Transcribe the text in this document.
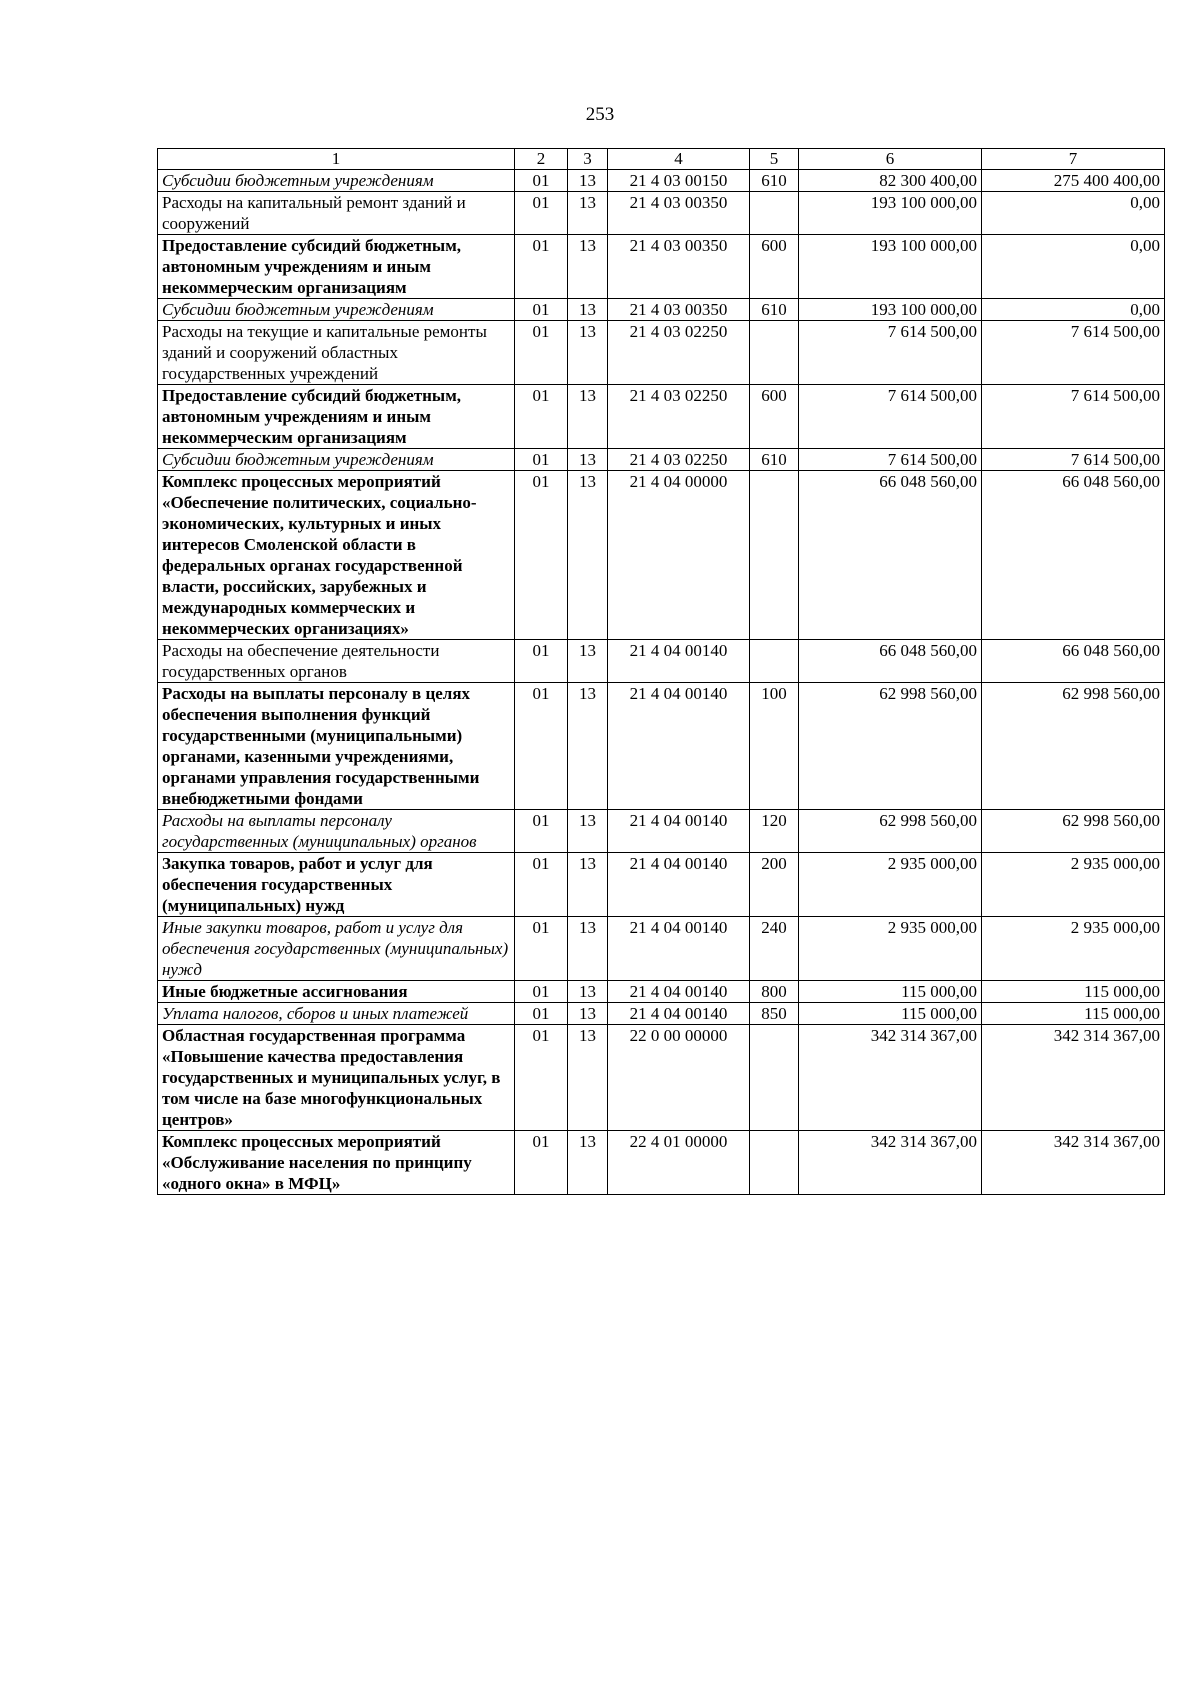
253
1	2	3	4	5	6	7
Субсидии бюджетным учреждениям	01	13	21 4 03 00150	610	82 300 400,00	275 400 400,00
Расходы на капитальный ремонт зданий и сооружений	01	13	21 4 03 00350		193 100 000,00	0,00
Предоставление субсидий бюджетным, автономным учреждениям и иным некоммерческим организациям	01	13	21 4 03 00350	600	193 100 000,00	0,00
Субсидии бюджетным учреждениям	01	13	21 4 03 00350	610	193 100 000,00	0,00
Расходы на текущие и капитальные ремонты зданий и сооружений областных государственных учреждений	01	13	21 4 03 02250		7 614 500,00	7 614 500,00
Предоставление субсидий бюджетным, автономным учреждениям и иным некоммерческим организациям	01	13	21 4 03 02250	600	7 614 500,00	7 614 500,00
Субсидии бюджетным учреждениям	01	13	21 4 03 02250	610	7 614 500,00	7 614 500,00
Комплекс процессных мероприятий «Обеспечение политических, социально-экономических, культурных и иных интересов Смоленской области в федеральных органах государственной власти, российских, зарубежных и международных коммерческих и некоммерческих организациях»	01	13	21 4 04 00000		66 048 560,00	66 048 560,00
Расходы на обеспечение деятельности государственных органов	01	13	21 4 04 00140		66 048 560,00	66 048 560,00
Расходы на выплаты персоналу в целях обеспечения выполнения функций государственными (муниципальными) органами, казенными учреждениями, органами управления государственными внебюджетными фондами	01	13	21 4 04 00140	100	62 998 560,00	62 998 560,00
Расходы на выплаты персоналу государственных (муниципальных) органов	01	13	21 4 04 00140	120	62 998 560,00	62 998 560,00
Закупка товаров, работ и услуг для обеспечения государственных (муниципальных) нужд	01	13	21 4 04 00140	200	2 935 000,00	2 935 000,00
Иные закупки товаров, работ и услуг для обеспечения государственных (муниципальных) нужд	01	13	21 4 04 00140	240	2 935 000,00	2 935 000,00
Иные бюджетные ассигнования	01	13	21 4 04 00140	800	115 000,00	115 000,00
Уплата налогов, сборов и иных платежей	01	13	21 4 04 00140	850	115 000,00	115 000,00
Областная государственная программа «Повышение качества предоставления государственных и муниципальных услуг, в том числе на базе многофункциональных центров»	01	13	22 0 00 00000		342 314 367,00	342 314 367,00
Комплекс процессных мероприятий «Обслуживание населения по принципу «одного окна» в МФЦ»	01	13	22 4 01 00000		342 314 367,00	342 314 367,00
